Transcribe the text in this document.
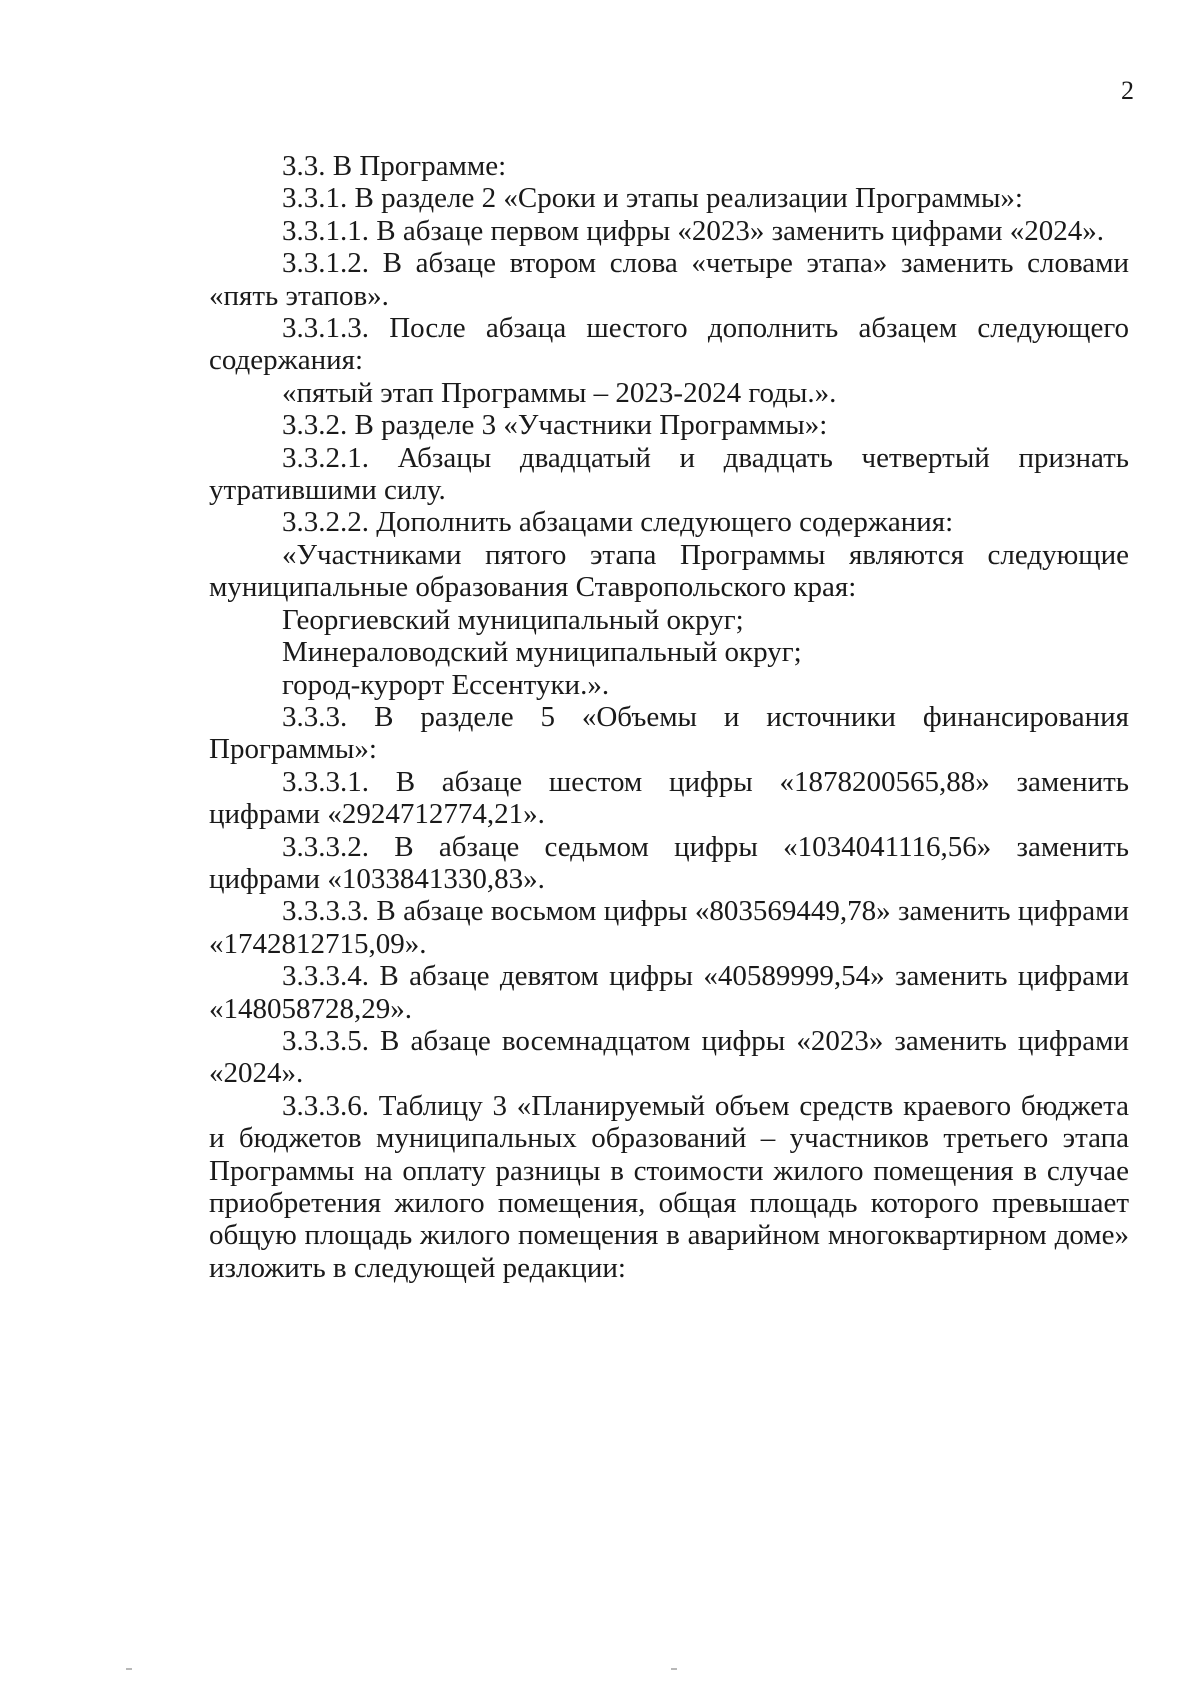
2

3.3. В Программе:

3.3.1. В разделе 2 «Сроки и этапы реализации Программы»:

3.3.1.1. В абзаце первом цифры «2023» заменить цифрами «2024».

3.3.1.2. В абзаце втором слова «четыре этапа» заменить словами «пять этапов».

3.3.1.3. После абзаца шестого дополнить абзацем следующего содержания:

«пятый этап Программы – 2023-2024 годы.».

3.3.2. В разделе 3 «Участники Программы»:

3.3.2.1. Абзацы двадцатый и двадцать четвертый признать утратившими силу.

3.3.2.2. Дополнить абзацами следующего содержания:

«Участниками пятого этапа Программы являются следующие муниципальные образования Ставропольского края:

Георгиевский муниципальный округ;

Минераловодский муниципальный округ;

город-курорт Ессентуки.».

3.3.3. В разделе 5 «Объемы и источники финансирования Программы»:

3.3.3.1. В абзаце шестом цифры «1878200565,88» заменить цифрами «2924712774,21».

3.3.3.2. В абзаце седьмом цифры «1034041116,56» заменить цифрами «1033841330,83».

3.3.3.3. В абзаце восьмом цифры «803569449,78» заменить цифрами «1742812715,09».

3.3.3.4. В абзаце девятом цифры «40589999,54» заменить цифрами «148058728,29».

3.3.3.5. В абзаце восемнадцатом цифры «2023» заменить цифрами «2024».

3.3.3.6. Таблицу 3 «Планируемый объем средств краевого бюджета и бюджетов муниципальных образований – участников третьего этапа Программы на оплату разницы в стоимости жилого помещения в случае приобретения жилого помещения, общая площадь которого превышает общую площадь жилого помещения в аварийном многоквартирном доме» изложить в следующей редакции:
